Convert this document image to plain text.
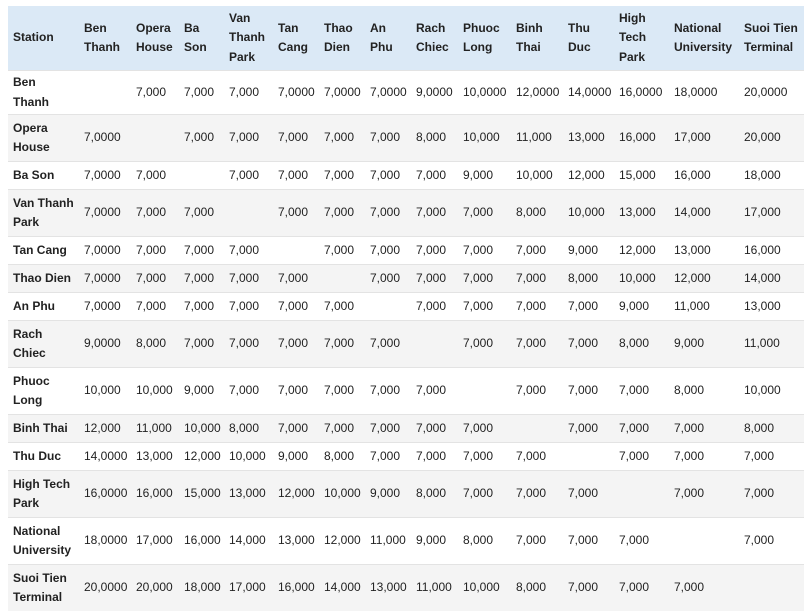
Station	Ben Thanh	Opera House	Ba Son	Van Thanh Park	Tan Cang	Thao Dien	An Phu	Rach Chiec	Phuoc Long	Binh Thai	Thu Duc	High Tech Park	National University	Suoi Tien Terminal
Ben Thanh		7,000	7,000	7,000	7,0000	7,0000	7,0000	9,0000	10,0000	12,0000	14,0000	16,0000	18,0000	20,0000
Opera House	7,0000		7,000	7,000	7,000	7,000	7,000	8,000	10,000	11,000	13,000	16,000	17,000	20,000
Ba Son	7,0000	7,000		7,000	7,000	7,000	7,000	7,000	9,000	10,000	12,000	15,000	16,000	18,000
Van Thanh Park	7,0000	7,000	7,000		7,000	7,000	7,000	7,000	7,000	8,000	10,000	13,000	14,000	17,000
Tan Cang	7,0000	7,000	7,000	7,000		7,000	7,000	7,000	7,000	7,000	9,000	12,000	13,000	16,000
Thao Dien	7,0000	7,000	7,000	7,000	7,000		7,000	7,000	7,000	7,000	8,000	10,000	12,000	14,000
An Phu	7,0000	7,000	7,000	7,000	7,000	7,000		7,000	7,000	7,000	7,000	9,000	11,000	13,000
Rach Chiec	9,0000	8,000	7,000	7,000	7,000	7,000	7,000		7,000	7,000	7,000	8,000	9,000	11,000
Phuoc Long	10,000	10,000	9,000	7,000	7,000	7,000	7,000	7,000		7,000	7,000	7,000	8,000	10,000
Binh Thai	12,000	11,000	10,000	8,000	7,000	7,000	7,000	7,000	7,000		7,000	7,000	7,000	8,000
Thu Duc	14,0000	13,000	12,000	10,000	9,000	8,000	7,000	7,000	7,000	7,000		7,000	7,000	7,000
High Tech Park	16,0000	16,000	15,000	13,000	12,000	10,000	9,000	8,000	7,000	7,000	7,000		7,000	7,000
National University	18,0000	17,000	16,000	14,000	13,000	12,000	11,000	9,000	8,000	7,000	7,000	7,000		7,000
Suoi Tien Terminal	20,0000	20,000	18,000	17,000	16,000	14,000	13,000	11,000	10,000	8,000	7,000	7,000	7,000	
